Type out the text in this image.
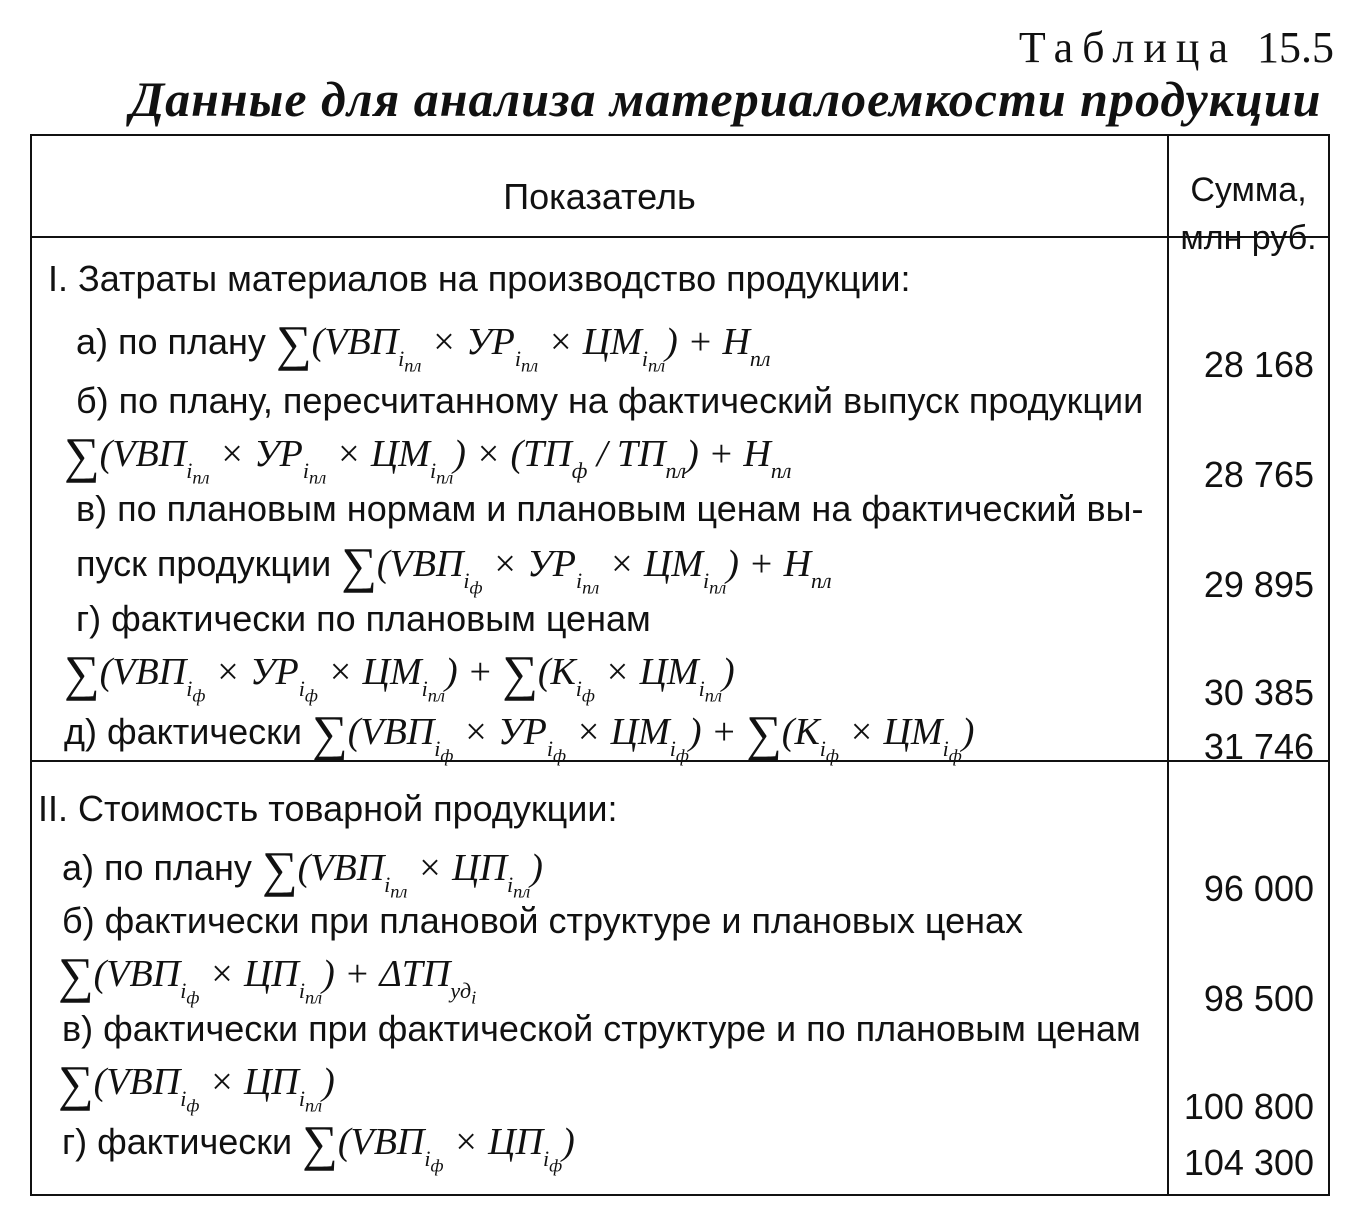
Таблица 15.5
Данные для анализа материалоемкости продукции
Показатель	Сумма,
млн руб.
I. Затраты материалов на производство продукции:
а) по плану $\sum(VВП_{i_{пл}} \times УР_{i_{пл}} \times ЦМ_{i_{пл}}) + Н_{пл}$
б) по плану, пересчитанному на фактический выпуск продукции
$\sum(VВП_{i_{пл}} \times УР_{i_{пл}} \times ЦМ_{i_{пл}}) \times (ТП_ф / ТП_{пл}) + Н_{пл}$
в) по плановым нормам и плановым ценам на фактический вы-
пуск продукции $\sum(VВП_{i_ф} \times УР_{i_{пл}} \times ЦМ_{i_{пл}}) + Н_{пл}$
г) фактически по плановым ценам
$\sum(VВП_{i_ф} \times УР_{i_ф} \times ЦМ_{i_{пл}}) + \sum(К_{i_ф} \times ЦМ_{i_{пл}})$
д) фактически $\sum(VВП_{i_ф} \times УР_{i_ф} \times ЦМ_{i_ф}) + \sum(К_{i_ф} \times ЦМ_{i_ф})$
28 168
28 765
29 895
30 385
31 746
II. Стоимость товарной продукции:
а) по плану $\sum(VВП_{i_{пл}} \times ЦП_{i_{пл}})$
б) фактически при плановой структуре и плановых ценах
$\sum(VВП_{i_ф} \times ЦП_{i_{пл}}) + \Delta ТП_{уд_i}$
в) фактически при фактической структуре и по плановым ценам
$\sum(VВП_{i_ф} \times ЦП_{i_{пл}})$
г) фактически $\sum(VВП_{i_ф} \times ЦП_{i_ф})$
96 000
98 500
100 800
104 300
